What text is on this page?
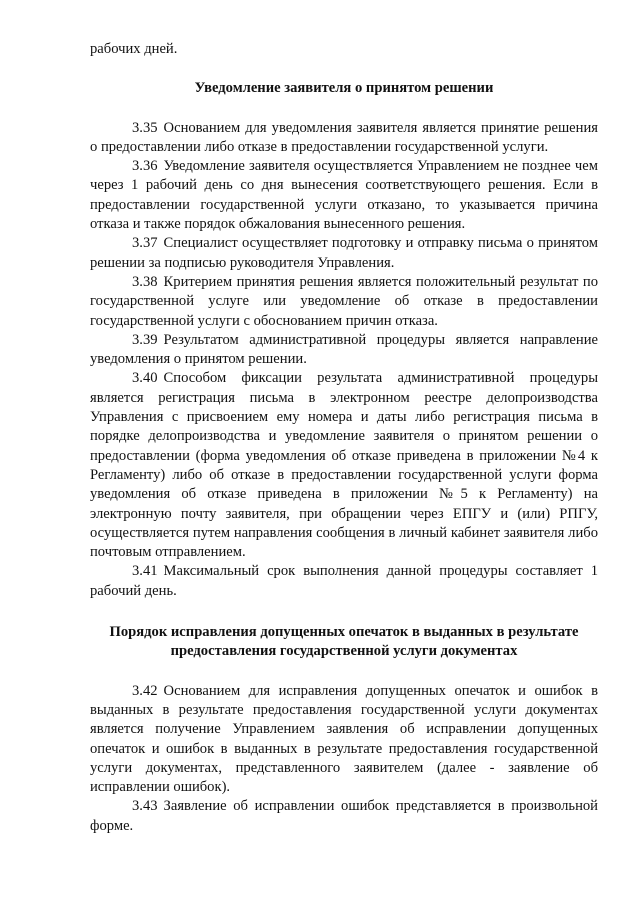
рабочих дней.

Уведомление заявителя о принятом решении

3.35 Основанием для уведомления заявителя является принятие решения о предоставлении либо отказе в предоставлении государственной услуги.

3.36 Уведомление заявителя осуществляется Управлением не позднее чем через 1 рабочий день со дня вынесения соответствующего решения. Если в предоставлении государственной услуги отказано, то указывается причина отказа и также порядок обжалования вынесенного решения.

3.37 Специалист осуществляет подготовку и отправку письма о принятом решении за подписью руководителя Управления.

3.38 Критерием принятия решения является положительный результат по государственной услуге или уведомление об отказе в предоставлении государственной услуги с обоснованием причин отказа.

3.39 Результатом административной процедуры является направление уведомления о принятом решении.

3.40 Способом фиксации результата административной процедуры является регистрация письма в электронном реестре делопроизводства Управления с присвоением ему номера и даты либо регистрация письма в порядке делопроизводства и уведомление заявителя о принятом решении о предоставлении (форма уведомления об отказе приведена в приложении №4 к Регламенту) либо об отказе в предоставлении государственной услуги форма уведомления об отказе приведена в приложении №5 к Регламенту) на электронную почту заявителя, при обращении через ЕПГУ и (или) РПГУ, осуществляется путем направления сообщения в личный кабинет заявителя либо почтовым отправлением.

3.41 Максимальный срок выполнения данной процедуры составляет 1 рабочий день.

Порядок исправления допущенных опечаток в выданных в результате
предоставления государственной услуги документах

3.42 Основанием для исправления допущенных опечаток и ошибок в выданных в результате предоставления государственной услуги документах является получение Управлением заявления об исправлении допущенных опечаток и ошибок в выданных в результате предоставления государственной услуги документах, представленного заявителем (далее - заявление об исправлении ошибок).

3.43 Заявление об исправлении ошибок представляется в произвольной форме.
